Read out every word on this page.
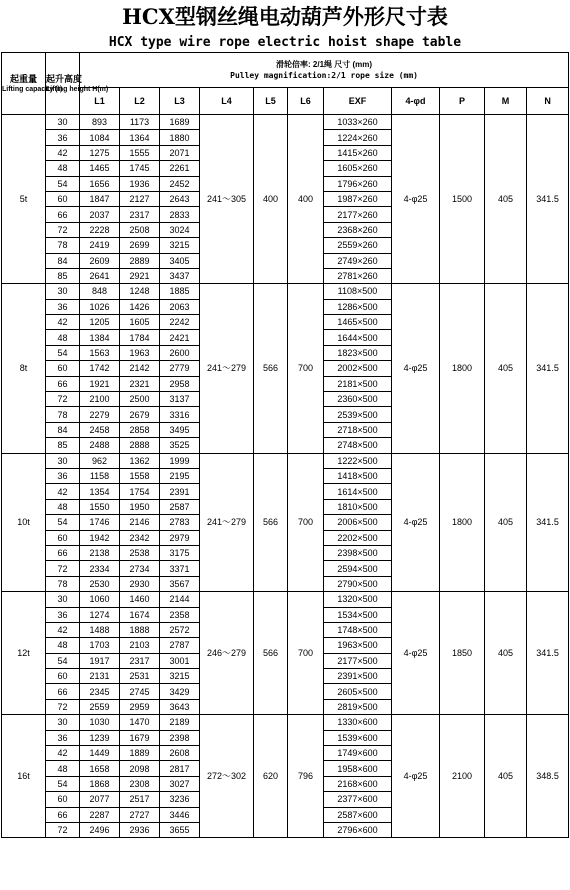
HCX型钢丝绳电动葫芦外形尺寸表
HCX type wire rope electric hoist shape table
起重量
Lifting capacity (t)	起升高度
Lifting height H(m)	滑轮倍率: 2/1绳 尺寸 (mm)
Pulley magnification:2/1 rope size (mm)										

		L1	L2	L3	L4	L5	L6	EXF	4-φd	P	M	N
5t	30	893	1173	1689	241～305	400	400	1033×260	4-φ25	1500	405	341.5
	36	1084	1364	1880				1224×260				
	42	1275	1555	2071				1415×260				
	48	1465	1745	2261				1605×260				
	54	1656	1936	2452				1796×260				
	60	1847	2127	2643				1987×260				
	66	2037	2317	2833				2177×260				
	72	2228	2508	3024				2368×260				
	78	2419	2699	3215				2559×260				
	84	2609	2889	3405				2749×260				
	85	2641	2921	3437				2781×260				
8t	30	848	1248	1885	241～279	566	700	1108×500	4-φ25	1800	405	341.5
	36	1026	1426	2063				1286×500				
	42	1205	1605	2242				1465×500				
	48	1384	1784	2421				1644×500				
	54	1563	1963	2600				1823×500				
	60	1742	2142	2779				2002×500				
	66	1921	2321	2958				2181×500				
	72	2100	2500	3137				2360×500				
	78	2279	2679	3316				2539×500				
	84	2458	2858	3495				2718×500				
	85	2488	2888	3525				2748×500				
10t	30	962	1362	1999	241～279	566	700	1222×500	4-φ25	1800	405	341.5
	36	1158	1558	2195				1418×500				
	42	1354	1754	2391				1614×500				
	48	1550	1950	2587				1810×500				
	54	1746	2146	2783				2006×500				
	60	1942	2342	2979				2202×500				
	66	2138	2538	3175				2398×500				
	72	2334	2734	3371				2594×500				
	78	2530	2930	3567				2790×500				
12t	30	1060	1460	2144	246～279	566	700	1320×500	4-φ25	1850	405	341.5
	36	1274	1674	2358				1534×500				
	42	1488	1888	2572				1748×500				
	48	1703	2103	2787				1963×500				
	54	1917	2317	3001				2177×500				
	60	2131	2531	3215				2391×500				
	66	2345	2745	3429				2605×500				
	72	2559	2959	3643				2819×500				
16t	30	1030	1470	2189	272～302	620	796	1330×600	4-φ25	2100	405	348.5
	36	1239	1679	2398				1539×600				
	42	1449	1889	2608				1749×600				
	48	1658	2098	2817				1958×600				
	54	1868	2308	3027				2168×600				
	60	2077	2517	3236				2377×600				
	66	2287	2727	3446				2587×600				
	72	2496	2936	3655				2796×600				
